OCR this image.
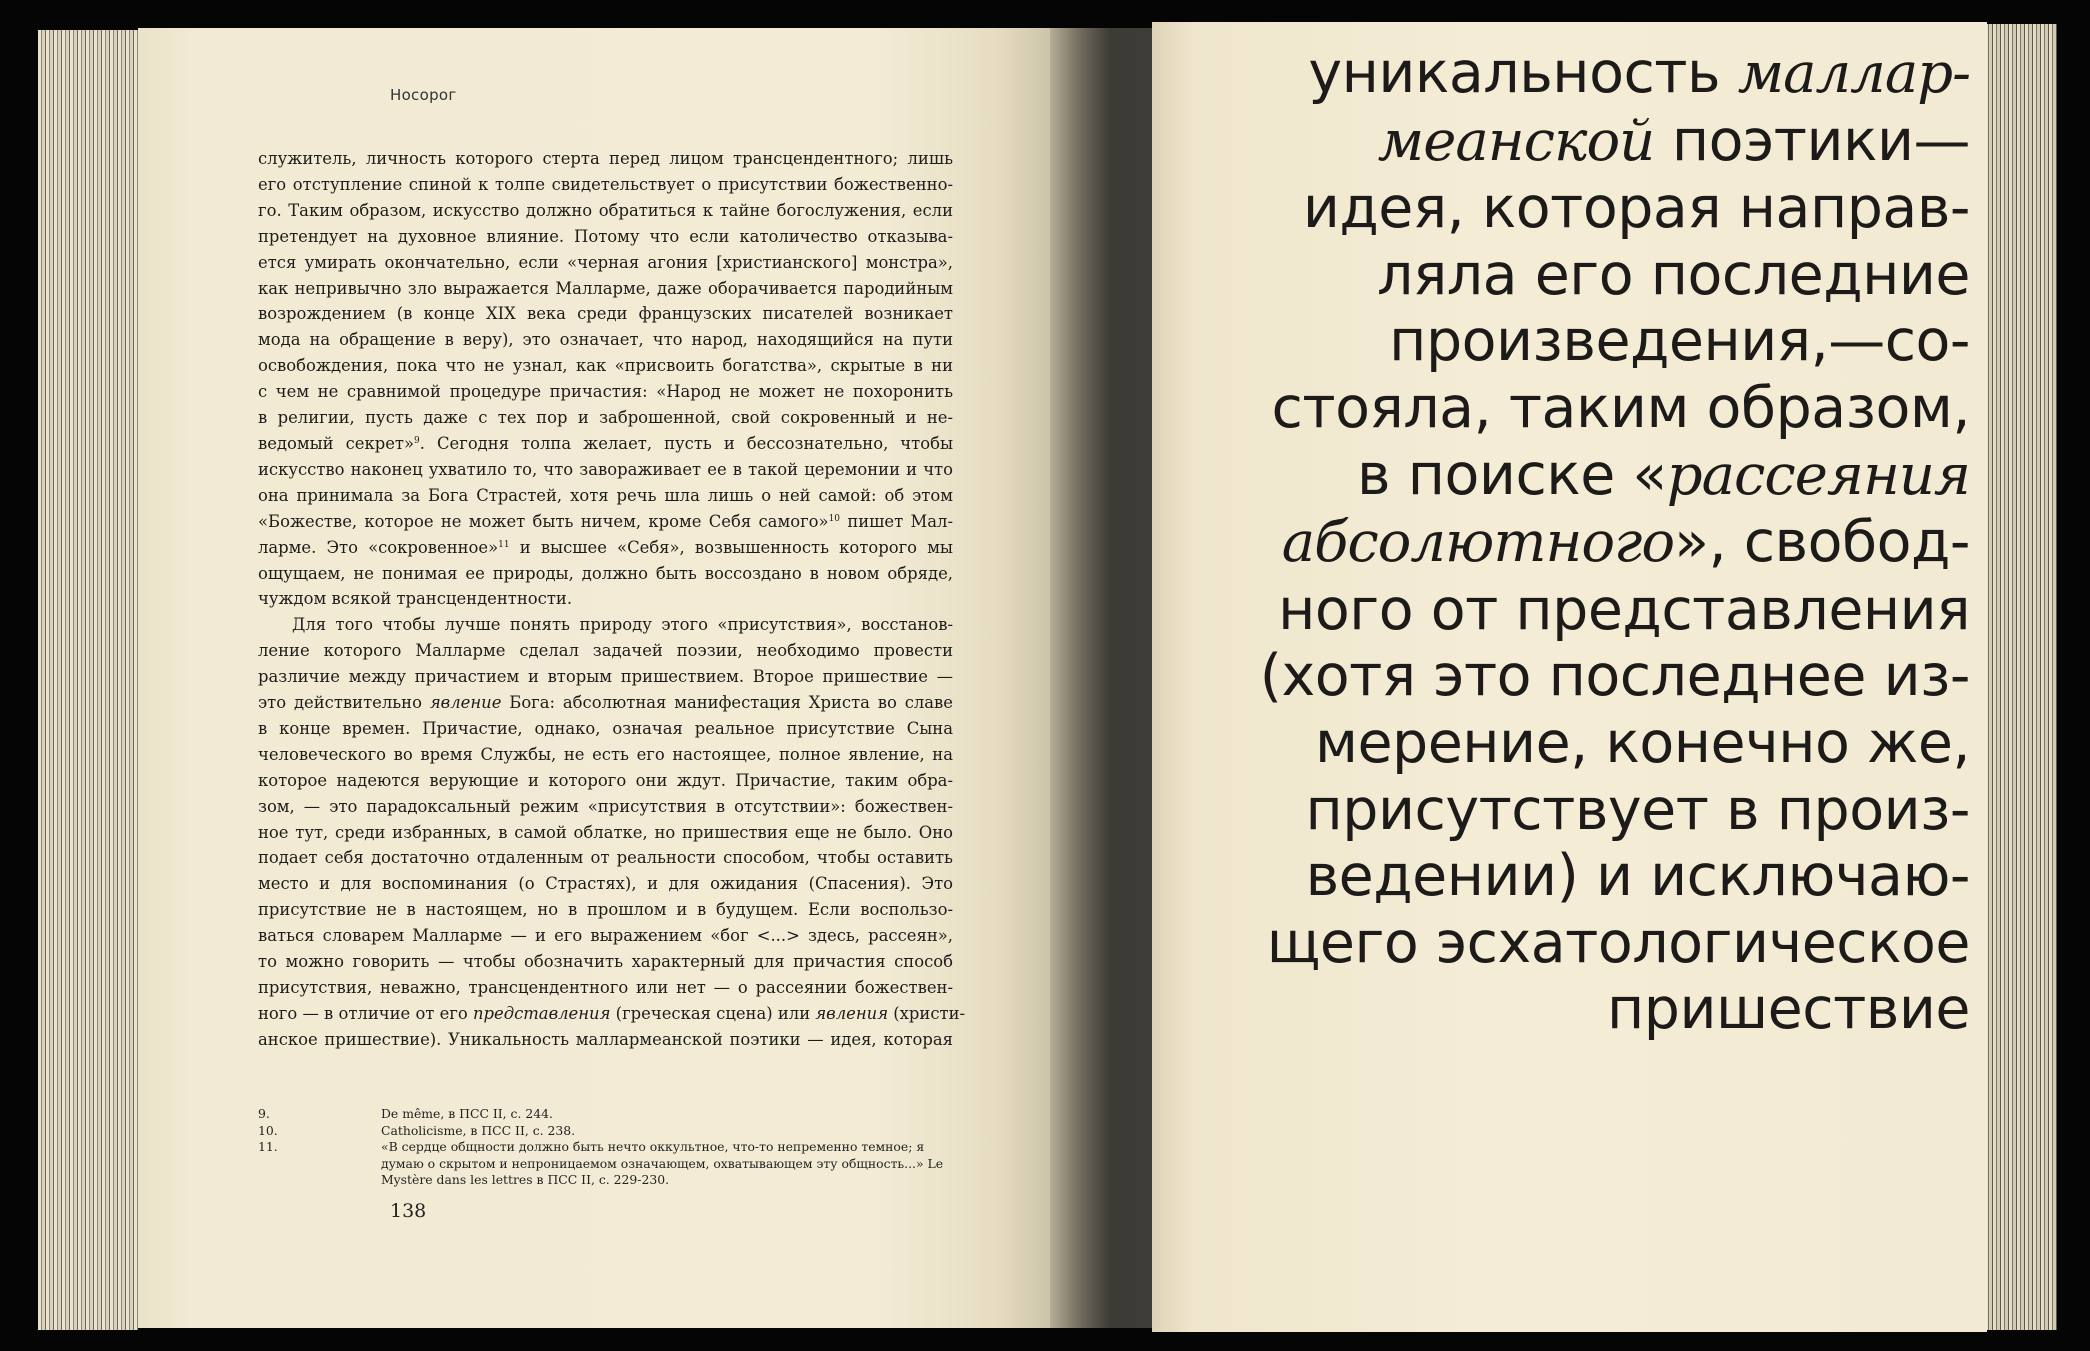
Носорог

служитель, личность которого стерта перед лицом трансцендентного; лишь
его отступление спиной к толпе свидетельствует о присутствии божественно-
го. Таким образом, искусство должно обратиться к тайне богослужения, если
претендует на духовное влияние. Потому что если католичество отказыва-
ется умирать окончательно, если «черная агония [христианского] монстра»,
как непривычно зло выражается Малларме, даже оборачивается пародийным
возрождением (в конце XIX века среди французских писателей возникает
мода на обращение в веру), это означает, что народ, находящийся на пути
освобождения, пока что не узнал, как «присвоить богатства», скрытые в ни
с чем не сравнимой процедуре причастия: «Народ не может не похоронить
в религии, пусть даже с тех пор и заброшенной, свой сокровенный и не-
ведомый секрет»$^9$. Сегодня толпа желает, пусть и бессознательно, чтобы
искусство наконец ухватило то, что завораживает ее в такой церемонии и что
она принимала за Бога Страстей, хотя речь шла лишь о ней самой: об этом
«Божестве, которое не может быть ничем, кроме Себя самого»$^{10}$ пишет Мал-
ларме. Это «сокровенное»$^{11}$ и высшее «Себя», возвышенность которого мы
ощущаем, не понимая ее природы, должно быть воссоздано в новом обряде,
чуждом всякой трансцендентности.

Для того чтобы лучше понять природу этого «присутствия», восстанов-
ление которого Малларме сделал задачей поэзии, необходимо провести
различие между причастием и вторым пришествием. Второе пришествие —
это действительно явление Бога: абсолютная манифестация Христа во славе
в конце времен. Причастие, однако, означая реальное присутствие Сына
человеческого во время Службы, не есть его настоящее, полное явление, на
которое надеются верующие и которого они ждут. Причастие, таким обра-
зом, — это парадоксальный режим «присутствия в отсутствии»: божествен-
ное тут, среди избранных, в самой облатке, но пришествия еще не было. Оно
подает себя достаточно отдаленным от реальности способом, чтобы оставить
место и для воспоминания (о Страстях), и для ожидания (Спасения). Это
присутствие не в настоящем, но в прошлом и в будущем. Если воспользо-
ваться словарем Малларме — и его выражением «бог <...> здесь, рассеян»,
то можно говорить — чтобы обозначить характерный для причастия способ
присутствия, неважно, трансцендентного или нет — о рассеянии божествен-
ного — в отличие от его представления (греческая сцена) или явления (христи-
анское пришествие). Уникальность маллармеанской поэтики — идея, которая

9.	De même, в ПСС II, с. 244.
10.	Catholicisme, в ПСС II, с. 238.
11.	«В сердце общности должно быть нечто оккультное, что-то непременно темное; я думаю о скрытом и непроницаемом означающем, охватывающем эту общность...» Le Mystère dans les lettres в ПСС II, с. 229-230.
138
уникальность маллар-
меанской поэтики—
идея, которая направ-
ляла его последние
произведения,—со-
стояла, таким образом,
в поиске «рассеяния
абсолютного», свобод-
ного от представления
(хотя это последнее из-
мерение, конечно же,
присутствует в произ-
ведении) и исключаю-
щего эсхатологическое
пришествие
